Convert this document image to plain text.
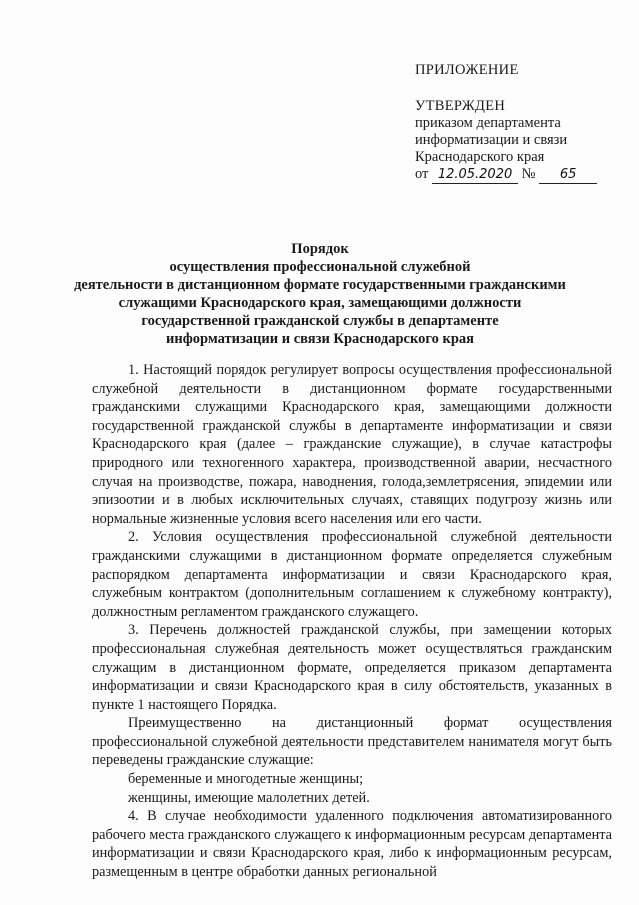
ПРИЛОЖЕНИЕ
УТВЕРЖДЕН
приказом департамента
информатизации и связи
Краснодарского края
от 12.05.2020 № 65
Порядок
осуществления профессиональной служебной
деятельности в дистанционном формате государственными гражданскими
служащими Краснодарского края, замещающими должности
государственной гражданской службы в департаменте
информатизации и связи Краснодарского края

1. Настоящий порядок регулирует вопросы осуществления профессиональной служебной деятельности в дистанционном формате государственными гражданскими служащими Краснодарского края, замещающими должности государственной гражданской службы в департаменте информатизации и связи Краснодарского края (далее – гражданские служащие), в случае катастрофы природного или техногенного характера, производственной аварии, несчастного случая на производстве, пожара, наводнения, голода,землетрясения, эпидемии или эпизоотии и в любых исключительных случаях, ставящих подугрозу жизнь или нормальные жизненные условия всего населения или его части.

2. Условия осуществления профессиональной служебной деятельности гражданскими служащими в дистанционном формате определяется служебным распорядком департамента информатизации и связи Краснодарского края, служебным контрактом (дополнительным соглашением к служебному контракту), должностным регламентом гражданского служащего.

3. Перечень должностей гражданской службы, при замещении которых профессиональная служебная деятельность может осуществляться гражданским служащим в дистанционном формате, определяется приказом департамента информатизации и связи Краснодарского края в силу обстоятельств, указанных в пункте 1 настоящего Порядка.

Преимущественно на дистанционный формат осуществления профессиональной служебной деятельности представителем нанимателя могут быть переведены гражданские служащие:

беременные и многодетные женщины;

женщины, имеющие малолетних детей.

4. В случае необходимости удаленного подключения автоматизированного рабочего места гражданского служащего к информационным ресурсам департамента информатизации и связи Краснодарского края, либо к информационным ресурсам, размещенным в центре обработки данных региональной
